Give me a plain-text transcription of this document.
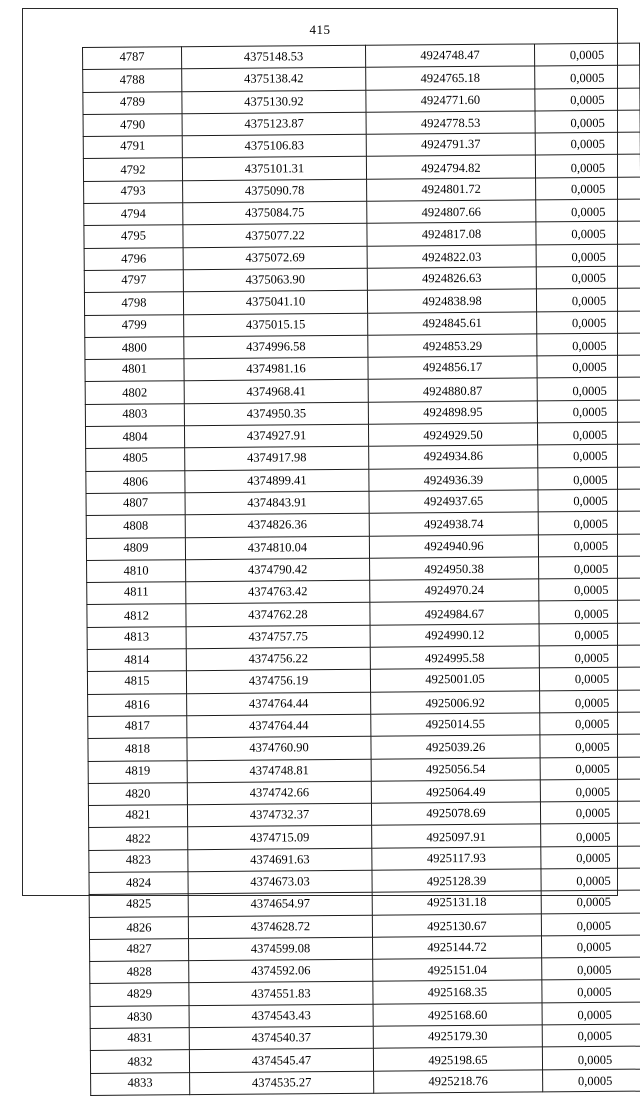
415
4787	4375148.53	4924748.47	0,0005

4788	4375138.42	4924765.18	0,0005

4789	4375130.92	4924771.60	0,0005

4790	4375123.87	4924778.53	0,0005

4791	4375106.83	4924791.37	0,0005

4792	4375101.31	4924794.82	0,0005

4793	4375090.78	4924801.72	0,0005

4794	4375084.75	4924807.66	0,0005

4795	4375077.22	4924817.08	0,0005

4796	4375072.69	4924822.03	0,0005

4797	4375063.90	4924826.63	0,0005

4798	4375041.10	4924838.98	0,0005

4799	4375015.15	4924845.61	0,0005

4800	4374996.58	4924853.29	0,0005

4801	4374981.16	4924856.17	0,0005

4802	4374968.41	4924880.87	0,0005

4803	4374950.35	4924898.95	0,0005

4804	4374927.91	4924929.50	0,0005

4805	4374917.98	4924934.86	0,0005

4806	4374899.41	4924936.39	0,0005

4807	4374843.91	4924937.65	0,0005

4808	4374826.36	4924938.74	0,0005

4809	4374810.04	4924940.96	0,0005

4810	4374790.42	4924950.38	0,0005

4811	4374763.42	4924970.24	0,0005

4812	4374762.28	4924984.67	0,0005

4813	4374757.75	4924990.12	0,0005

4814	4374756.22	4924995.58	0,0005

4815	4374756.19	4925001.05	0,0005

4816	4374764.44	4925006.92	0,0005

4817	4374764.44	4925014.55	0,0005

4818	4374760.90	4925039.26	0,0005

4819	4374748.81	4925056.54	0,0005

4820	4374742.66	4925064.49	0,0005

4821	4374732.37	4925078.69	0,0005

4822	4374715.09	4925097.91	0,0005

4823	4374691.63	4925117.93	0,0005

4824	4374673.03	4925128.39	0,0005

4825	4374654.97	4925131.18	0,0005

4826	4374628.72	4925130.67	0,0005

4827	4374599.08	4925144.72	0,0005

4828	4374592.06	4925151.04	0,0005

4829	4374551.83	4925168.35	0,0005

4830	4374543.43	4925168.60	0,0005

4831	4374540.37	4925179.30	0,0005

4832	4374545.47	4925198.65	0,0005

4833	4374535.27	4925218.76	0,0005
